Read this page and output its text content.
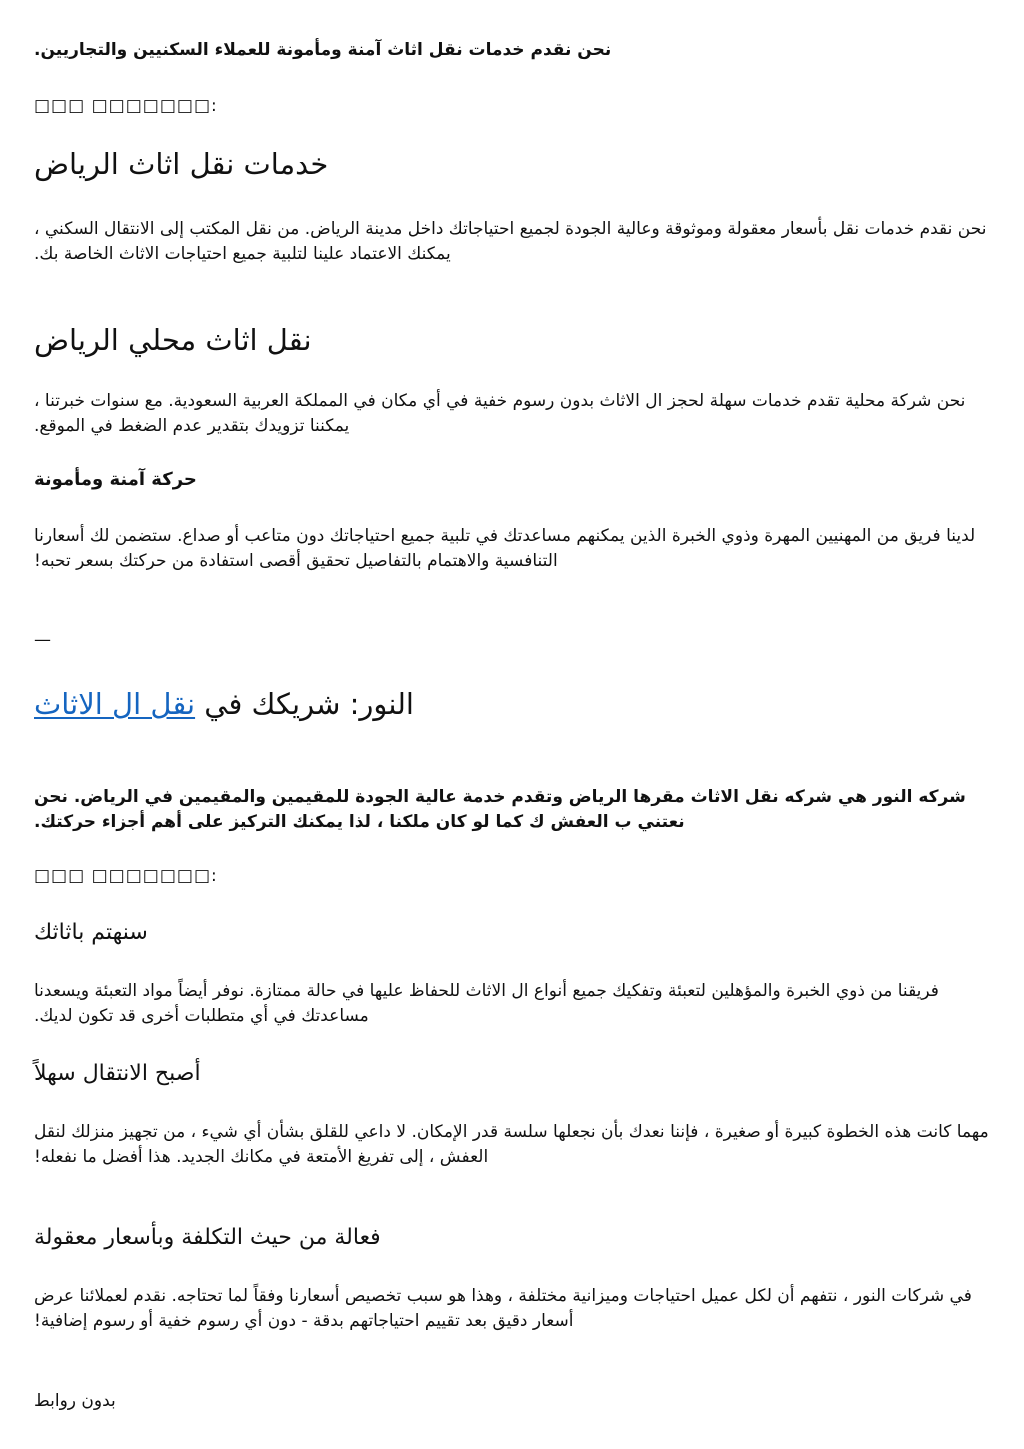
نحن نقدم خدمات نقل اثاث آمنة ومأمونة للعملاء السكنيين والتجاريين.

□□□ □□□□□□□:

خدمات نقل اثاث الرياض

نحن نقدم خدمات نقل بأسعار معقولة وموثوقة وعالية الجودة لجميع احتياجاتك داخل مدينة الرياض. من نقل المكتب إلى الانتقال السكني ، يمكنك الاعتماد علينا لتلبية جميع احتياجات الاثاث الخاصة بك.

نقل اثاث محلي الرياض

نحن شركة محلية تقدم خدمات سهلة لحجز ال الاثاث بدون رسوم خفية في أي مكان في المملكة العربية السعودية. مع سنوات خبرتنا ، يمكننا تزويدك بتقدير عدم الضغط في الموقع.

حركة آمنة ومأمونة

لدينا فريق من المهنيين المهرة وذوي الخبرة الذين يمكنهم مساعدتك في تلبية جميع احتياجاتك دون متاعب أو صداع. ستضمن لك أسعارنا التنافسية والاهتمام بالتفاصيل تحقيق أقصى استفادة من حركتك بسعر تحبه!

—

النور: شريكك في نقل ال الاثاث

شركه النور هي شركه نقل الاثاث مقرها الرياض وتقدم خدمة عالية الجودة للمقيمين والمقيمين في الرياض. نحن نعتني ب العفش ك كما لو كان ملكنا ، لذا يمكنك التركيز على أهم أجزاء حركتك.

□□□ □□□□□□□:

سنهتم باثاثك

فريقنا من ذوي الخبرة والمؤهلين لتعبئة وتفكيك جميع أنواع ال الاثاث للحفاظ عليها في حالة ممتازة. نوفر أيضاً مواد التعبئة ويسعدنا مساعدتك في أي متطلبات أخرى قد تكون لديك.

أصبح الانتقال سهلاً

مهما كانت هذه الخطوة كبيرة أو صغيرة ، فإننا نعدك بأن نجعلها سلسة قدر الإمكان. لا داعي للقلق بشأن أي شيء ، من تجهيز منزلك لنقل العفش ، إلى تفريغ الأمتعة في مكانك الجديد. هذا أفضل ما نفعله!

فعالة من حيث التكلفة وبأسعار معقولة

في شركات النور ، نتفهم أن لكل عميل احتياجات وميزانية مختلفة ، وهذا هو سبب تخصيص أسعارنا وفقاً لما تحتاجه. نقدم لعملائنا عرض أسعار دقيق بعد تقييم احتياجاتهم بدقة - دون أي رسوم خفية أو رسوم إضافية!

بدون روابط
